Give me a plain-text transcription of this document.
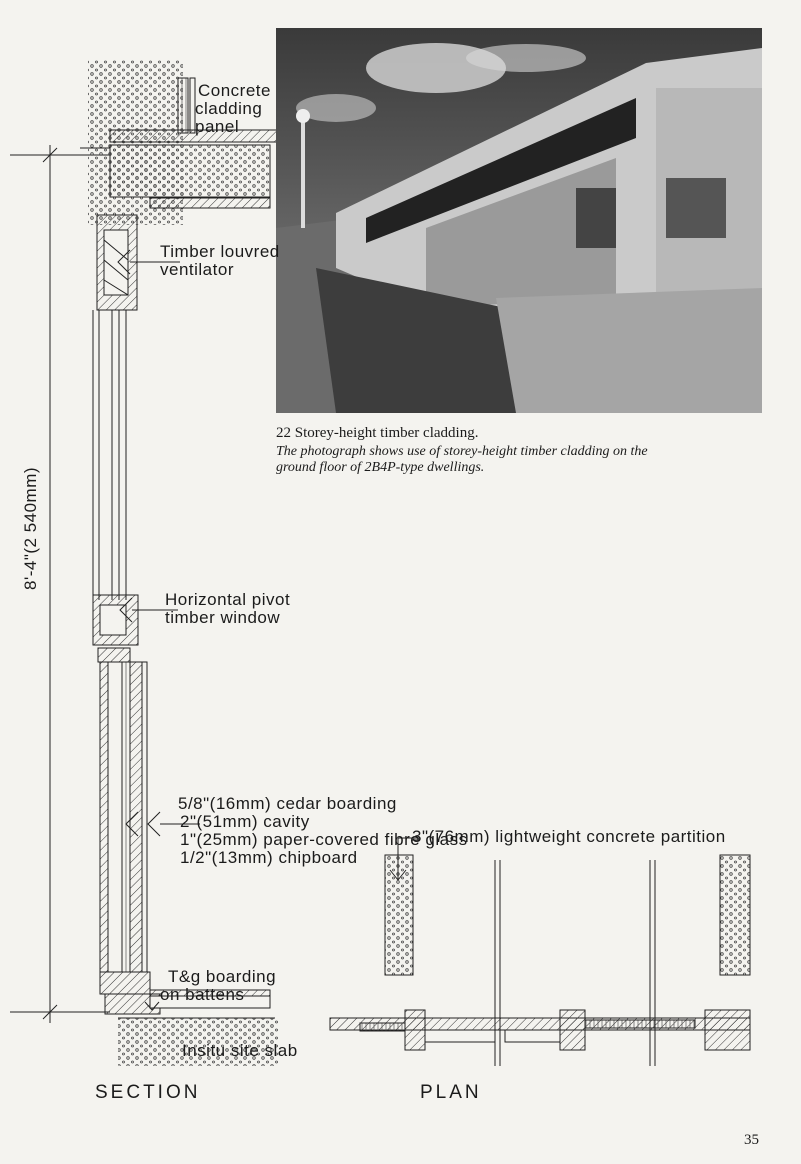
Concrete
cladding
panel
Timber louvred
ventilator
Horizontal pivot
timber window
5/8"(16mm) cedar boarding
2"(51mm) cavity
1"(25mm) paper-covered fibre glass
1/2"(13mm) chipboard
T&g boarding
on battens
Insitu site slab
8'-4"(2 540mm)
SECTION	PLAN
3"(76mm) lightweight concrete partition
22 Storey-height timber cladding.
The photograph shows use of storey-height timber cladding on the
ground floor of 2B4P-type dwellings.
35
